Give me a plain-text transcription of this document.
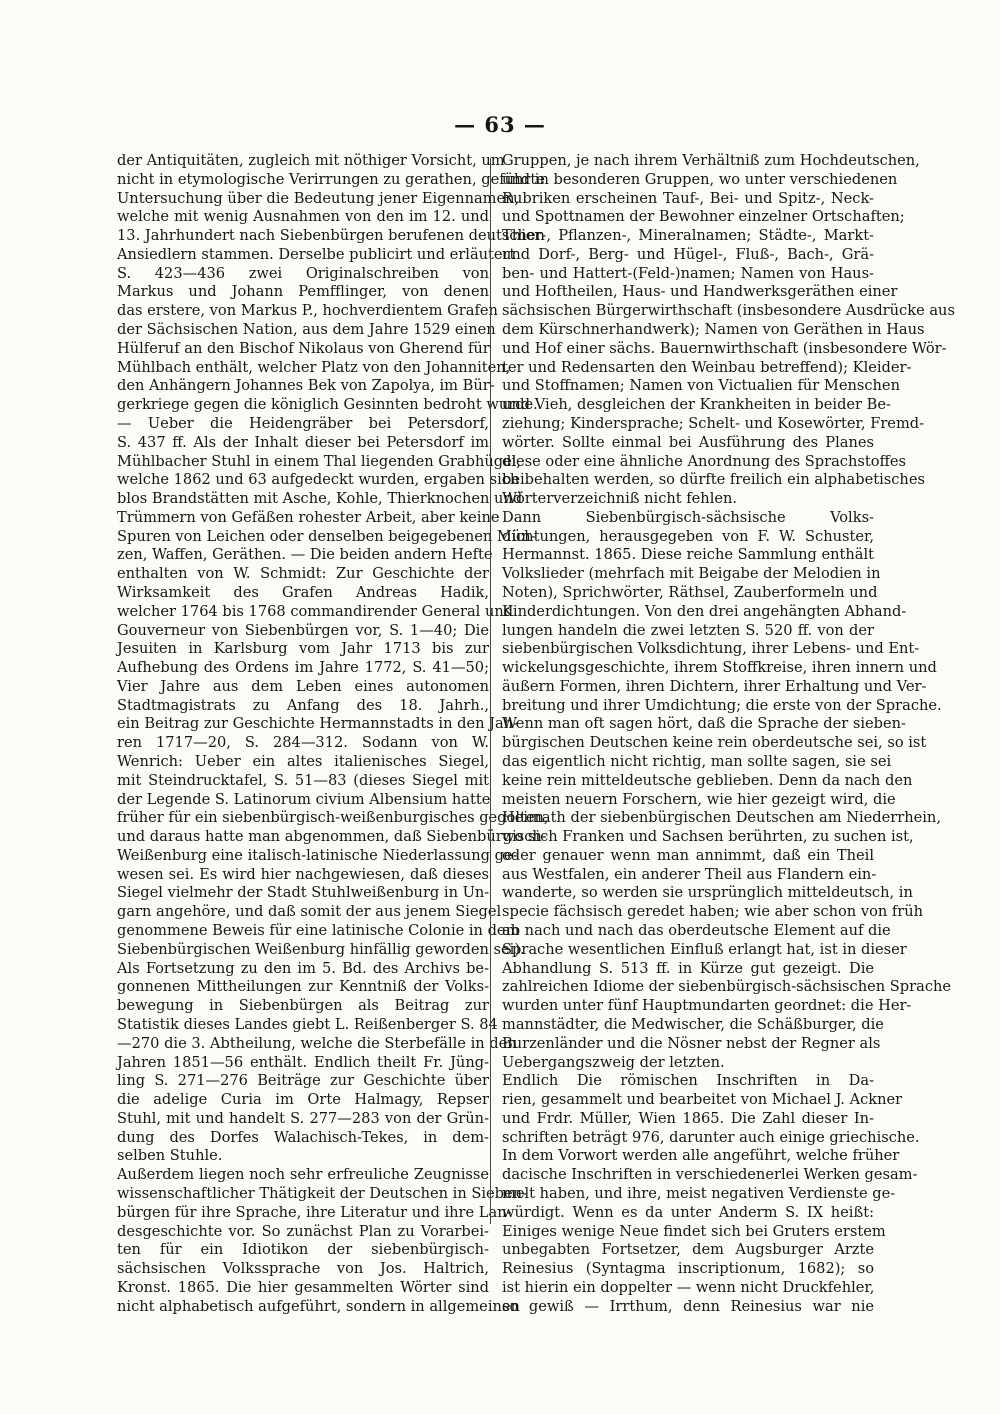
— 63 —
der Antiquitäten, zugleich mit nöthiger Vorsicht, um
nicht in etymologische Verirrungen zu gerathen, geführte
Untersuchung über die Bedeutung jener Eigennamen,
welche mit wenig Ausnahmen von den im 12. und
13. Jahrhundert nach Siebenbürgen berufenen deutschen
Ansiedlern stammen. Derselbe publicirt und erläutert
S. 423—436 zwei Originalschreiben von
Markus und Johann Pemfflinger, von denen
das erstere, von Markus P., hochverdientem Grafen
der Sächsischen Nation, aus dem Jahre 1529 einen
Hülferuf an den Bischof Nikolaus von Gherend für
Mühlbach enthält, welcher Platz von den Johanniten,
den Anhängern Johannes Bek von Zapolya, im Bür-
gerkriege gegen die königlich Gesinnten bedroht wurde.
— Ueber die Heidengräber bei Petersdorf,
S. 437 ff. Als der Inhalt dieser bei Petersdorf im
Mühlbacher Stuhl in einem Thal liegenden Grabhügel,
welche 1862 und 63 aufgedeckt wurden, ergaben sich
blos Brandstätten mit Asche, Kohle, Thierknochen und
Trümmern von Gefäßen rohester Arbeit, aber keine
Spuren von Leichen oder denselben beigegebenen Mün-
zen, Waffen, Geräthen. — Die beiden andern Hefte
enthalten von W. Schmidt: Zur Geschichte der
Wirksamkeit des Grafen Andreas Hadik,
welcher 1764 bis 1768 commandirender General und
Gouverneur von Siebenbürgen vor, S. 1—40; Die
Jesuiten in Karlsburg vom Jahr 1713 bis zur
Aufhebung des Ordens im Jahre 1772, S. 41—50;
Vier Jahre aus dem Leben eines autonomen
Stadtmagistrats zu Anfang des 18. Jahrh.,
ein Beitrag zur Geschichte Hermannstadts in den Jah-
ren 1717—20, S. 284—312. Sodann von W.
Wenrich: Ueber ein altes italienisches Siegel,
mit Steindrucktafel, S. 51—83 (dieses Siegel mit
der Legende S. Latinorum civium Albensium hatte
früher für ein siebenbürgisch-weißenburgisches gegolten,
und daraus hatte man abgenommen, daß Siebenbürgisch-
Weißenburg eine italisch-latinische Niederlassung ge-
wesen sei. Es wird hier nachgewiesen, daß dieses
Siegel vielmehr der Stadt Stuhlweißenburg in Un-
garn angehöre, und daß somit der aus jenem Siegel
genommene Beweis für eine latinische Colonie in dem
Siebenbürgischen Weißenburg hinfällig geworden sei).
Als Fortsetzung zu den im 5. Bd. des Archivs be-
gonnenen Mittheilungen zur Kenntniß der Volks-
bewegung in Siebenbürgen als Beitrag zur
Statistik dieses Landes giebt L. Reißenberger S. 84
—270 die 3. Abtheilung, welche die Sterbefälle in den
Jahren 1851—56 enthält. Endlich theilt Fr. Jüng-
ling S. 271—276 Beiträge zur Geschichte über
die adelige Curia im Orte Halmagy, Repser
Stuhl, mit und handelt S. 277—283 von der Grün-
dung des Dorfes Walachisch-Tekes, in dem-
selben Stuhle.
Außerdem liegen noch sehr erfreuliche Zeugnisse
wissenschaftlicher Thätigkeit der Deutschen in Sieben-
bürgen für ihre Sprache, ihre Literatur und ihre Lan-
desgeschichte vor. So zunächst Plan zu Vorarbei-
ten für ein Idiotikon der siebenbürgisch-
sächsischen Volkssprache von Jos. Haltrich,
Kronst. 1865. Die hier gesammelten Wörter sind
nicht alphabetisch aufgeführt, sondern in allgemeinen
Gruppen, je nach ihrem Verhältniß zum Hochdeutschen,
und in besonderen Gruppen, wo unter verschiedenen
Rubriken erscheinen Tauf-, Bei- und Spitz-, Neck-
und Spottnamen der Bewohner einzelner Ortschaften;
Thier-, Pflanzen-, Mineralnamen; Städte-, Markt-
und Dorf-, Berg- und Hügel-, Fluß-, Bach-, Grä-
ben- und Hattert-(Feld-)namen; Namen von Haus-
und Hoftheilen, Haus- und Handwerksgeräthen einer
sächsischen Bürgerwirthschaft (insbesondere Ausdrücke aus
dem Kürschnerhandwerk); Namen von Geräthen in Haus
und Hof einer sächs. Bauernwirthschaft (insbesondere Wör-
ter und Redensarten den Weinbau betreffend); Kleider-
und Stoffnamen; Namen von Victualien für Menschen
und Vieh, desgleichen der Krankheiten in beider Be-
ziehung; Kindersprache; Schelt- und Kosewörter, Fremd-
wörter. Sollte einmal bei Ausführung des Planes
diese oder eine ähnliche Anordnung des Sprachstoffes
beibehalten werden, so dürfte freilich ein alphabetisches
Wörterverzeichniß nicht fehlen.
Dann Siebenbürgisch-sächsische Volks-
dichtungen, herausgegeben von F. W. Schuster,
Hermannst. 1865. Diese reiche Sammlung enthält
Volkslieder (mehrfach mit Beigabe der Melodien in
Noten), Sprichwörter, Räthsel, Zauberformeln und
Kinderdichtungen. Von den drei angehängten Abhand-
lungen handeln die zwei letzten S. 520 ff. von der
siebenbürgischen Volksdichtung, ihrer Lebens- und Ent-
wickelungsgeschichte, ihrem Stoffkreise, ihren innern und
äußern Formen, ihren Dichtern, ihrer Erhaltung und Ver-
breitung und ihrer Umdichtung; die erste von der Sprache.
Wenn man oft sagen hört, daß die Sprache der sieben-
bürgischen Deutschen keine rein oberdeutsche sei, so ist
das eigentlich nicht richtig, man sollte sagen, sie sei
keine rein mitteldeutsche geblieben. Denn da nach den
meisten neuern Forschern, wie hier gezeigt wird, die
Heimath der siebenbürgischen Deutschen am Niederrhein,
wo sich Franken und Sachsen berührten, zu suchen ist,
oder genauer wenn man annimmt, daß ein Theil
aus Westfalen, ein anderer Theil aus Flandern ein-
wanderte, so werden sie ursprünglich mitteldeutsch, in
specie fächsisch geredet haben; wie aber schon von früh
ab nach und nach das oberdeutsche Element auf die
Sprache wesentlichen Einfluß erlangt hat, ist in dieser
Abhandlung S. 513 ff. in Kürze gut gezeigt. Die
zahlreichen Idiome der siebenbürgisch-sächsischen Sprache
wurden unter fünf Hauptmundarten geordnet: die Her-
mannstädter, die Medwischer, die Schäßburger, die
Burzenländer und die Nösner nebst der Regner als
Uebergangszweig der letzten.
Endlich Die römischen Inschriften in Da-
rien, gesammelt und bearbeitet von Michael J. Ackner
und Frdr. Müller, Wien 1865. Die Zahl dieser In-
schriften beträgt 976, darunter auch einige griechische.
In dem Vorwort werden alle angeführt, welche früher
dacische Inschriften in verschiedenerlei Werken gesam-
melt haben, und ihre, meist negativen Verdienste ge-
würdigt. Wenn es da unter Anderm S. IX heißt:
Einiges wenige Neue findet sich bei Gruters erstem
unbegabten Fortsetzer, dem Augsburger Arzte
Reinesius (Syntagma inscriptionum, 1682); so
ist hierin ein doppelter — wenn nicht Druckfehler,
so gewiß — Irrthum, denn Reinesius war nie
